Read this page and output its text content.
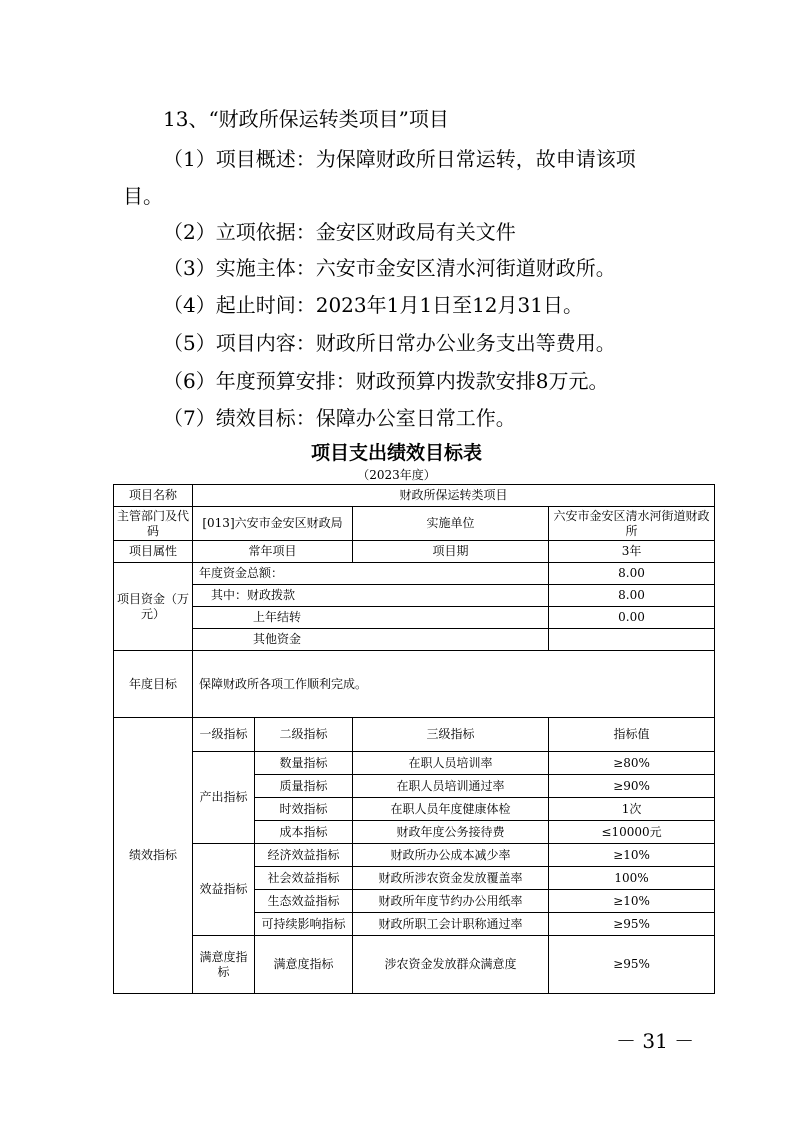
13、“财政所保运转类项目”项目
（1）项目概述：为保障财政所日常运转，故申请该项
目。
（2）立项依据：金安区财政局有关文件
（3）实施主体：六安市金安区清水河街道财政所。
（4）起止时间：2023年1月1日至12月31日。
（5）项目内容：财政所日常办公业务支出等费用。
（6）年度预算安排：财政预算内拨款安排8万元。
（7）绩效目标：保障办公室日常工作。
项目支出绩效目标表
（2023年度）
项目名称	财政所保运转类项目			
主管部门及代码	[013]六安市金安区财政局		实施单位	六安市金安区清水河街道财政所
项目属性	常年项目		项目期	3年
项目资金（万元）	年度资金总额：			8.00
	其中：财政拨款			8.00
	上年结转			0.00
	其他资金			
年度目标	保障财政所各项工作顺利完成。			
绩效指标	一级指标	二级指标	三级指标	指标值
	产出指标	数量指标	在职人员培训率	≥80%
		质量指标	在职人员培训通过率	≥90%
		时效指标	在职人员年度健康体检	1次
		成本指标	财政年度公务接待费	≤10000元
	效益指标	经济效益指标	财政所办公成本减少率	≥10%
		社会效益指标	财政所涉农资金发放覆盖率	100%
		生态效益指标	财政所年度节约办公用纸率	≥10%
		可持续影响指标	财政所职工会计职称通过率	≥95%
	满意度指标	满意度指标	涉农资金发放群众满意度	≥95%
－ 31 －
